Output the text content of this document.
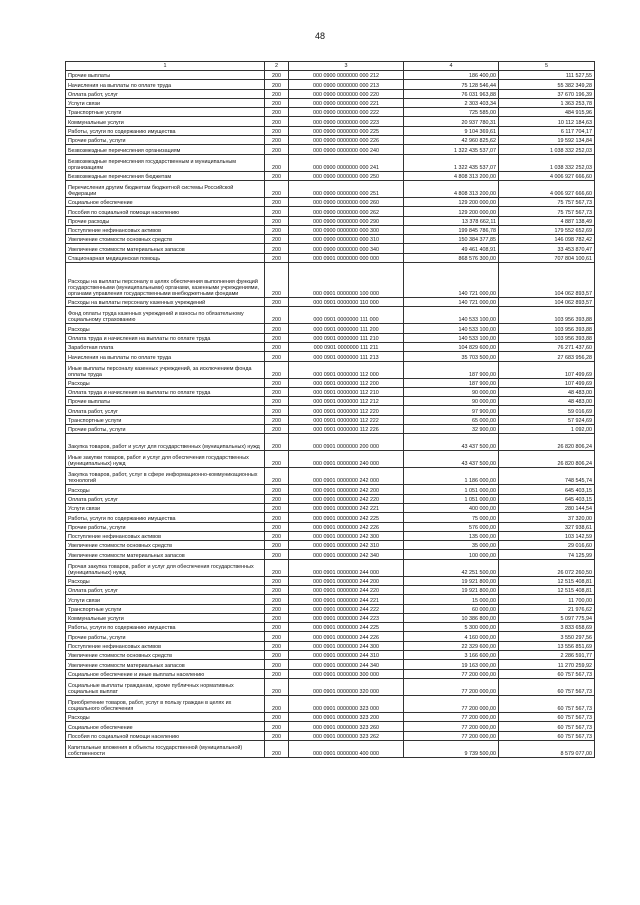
48
1	2	3	4	5
Прочие выплаты	200	000 0900 0000000 000 212	186 400,00	111 527,55
Начисления на выплаты по оплате труда	200	000 0900 0000000 000 213	75 128 546,44	55 382 349,28
Оплата работ, услуг	200	000 0900 0000000 000 220	76 031 963,88	37 670 196,39
Услуги связи	200	000 0900 0000000 000 221	2 303 403,34	1 363 253,78
Транспортные услуги	200	000 0900 0000000 000 222	725 585,00	484 915,96
Коммунальные услуги	200	000 0900 0000000 000 223	20 937 780,31	10 112 184,63
Работы, услуги по содержанию имущества	200	000 0900 0000000 000 225	9 104 369,61	6 117 704,17
Прочие работы, услуги	200	000 0900 0000000 000 226	42 960 825,62	19 592 134,84
Безвозмездные перечисления организациям	200	000 0900 0000000 000 240	1 322 435 537,07	1 038 332 252,03
Безвозмездные перечисления государственным и муниципальным организациям	200	000 0900 0000000 000 241	1 322 435 537,07	1 038 332 252,03
Безвозмездные перечисления бюджетам	200	000 0900 0000000 000 250	4 808 313 200,00	4 006 927 666,60
Перечисления другим бюджетам бюджетной системы Российской Федерации	200	000 0900 0000000 000 251	4 808 313 200,00	4 006 927 666,60
Социальное обеспечение	200	000 0900 0000000 000 260	129 200 000,00	75 757 567,73
Пособия по социальной помощи населению	200	000 0900 0000000 000 262	129 200 000,00	75 757 567,73
Прочие расходы	200	000 0900 0000000 000 290	13 378 662,11	4 887 138,49
Поступление нефинансовых активов	200	000 0900 0000000 000 300	199 845 786,78	179 552 652,69
Увеличение стоимости основных средств	200	000 0900 0000000 000 310	150 384 377,85	146 098 782,42
Увеличение стоимости материальных запасов	200	000 0900 0000000 000 340	49 461 408,91	33 453 870,47
Стационарная медицинская помощь	200	000 0901 0000000 000 000	868 576 300,00	707 804 100,61
Расходы на выплаты персоналу в целях обеспечения выполнения функций государственными (муниципальными) органами, казенными учреждениями, органами управления государственными внебюджетными фондами	200	000 0901 0000000 100 000	140 721 000,00	104 062 893,57
Расходы на выплаты персоналу казенных учреждений	200	000 0901 0000000 110 000	140 721 000,00	104 062 893,57
Фонд оплаты труда казенных учреждений и взносы по обязательному социальному страхованию	200	000 0901 0000000 111 000	140 533 100,00	103 956 393,88
Расходы	200	000 0901 0000000 111 200	140 533 100,00	103 956 393,88
Оплата труда и начисления на выплаты по оплате труда	200	000 0901 0000000 111 210	140 533 100,00	103 956 393,88
Заработная плата	200	000 0901 0000000 111 211	104 829 600,00	76 271 437,60
Начисления на выплаты по оплате труда	200	000 0901 0000000 111 213	35 703 500,00	27 683 956,28
Иные выплаты персоналу казенных учреждений, за исключением фонда оплаты труда	200	000 0901 0000000 112 000	187 900,00	107 499,69
Расходы	200	000 0901 0000000 112 200	187 900,00	107 499,69
Оплата труда и начисления на выплаты по оплате труда	200	000 0901 0000000 112 210	90 000,00	48 483,00
Прочие выплаты	200	000 0901 0000000 112 212	90 000,00	48 483,00
Оплата работ, услуг	200	000 0901 0000000 112 220	97 900,00	59 016,69
Транспортные услуги	200	000 0901 0000000 112 222	65 000,00	57 924,69
Прочие работы, услуги	200	000 0901 0000000 112 226	32 900,00	1 092,00
Закупка товаров, работ и услуг для государственных (муниципальных) нужд	200	000 0901 0000000 200 000	43 437 500,00	26 820 806,24
Иные закупки товаров, работ и услуг для обеспечения государственных (муниципальных) нужд	200	000 0901 0000000 240 000	43 437 500,00	26 820 806,24
Закупка товаров, работ, услуг в сфере информационно-коммуникационных технологий	200	000 0901 0000000 242 000	1 186 000,00	748 545,74
Расходы	200	000 0901 0000000 242 200	1 051 000,00	645 403,15
Оплата работ, услуг	200	000 0901 0000000 242 220	1 051 000,00	645 403,15
Услуги связи	200	000 0901 0000000 242 221	400 000,00	280 144,54
Работы, услуги по содержанию имущества	200	000 0901 0000000 242 225	75 000,00	37 320,00
Прочие работы, услуги	200	000 0901 0000000 242 226	576 000,00	327 938,61
Поступление нефинансовых активов	200	000 0901 0000000 242 300	135 000,00	103 142,59
Увеличение стоимости основных средств	200	000 0901 0000000 242 310	35 000,00	29 016,60
Увеличение стоимости материальных запасов	200	000 0901 0000000 242 340	100 000,00	74 125,99
Прочая закупка товаров, работ и услуг для обеспечения государственных (муниципальных) нужд	200	000 0901 0000000 244 000	42 251 500,00	26 072 260,50
Расходы	200	000 0901 0000000 244 200	19 921 800,00	12 515 408,81
Оплата работ, услуг	200	000 0901 0000000 244 220	19 921 800,00	12 515 408,81
Услуги связи	200	000 0901 0000000 244 221	15 000,00	11 700,00
Транспортные услуги	200	000 0901 0000000 244 222	60 000,00	21 976,62
Коммунальные услуги	200	000 0901 0000000 244 223	10 386 800,00	5 097 775,94
Работы, услуги по содержанию имущества	200	000 0901 0000000 244 225	5 300 000,00	3 833 658,69
Прочие работы, услуги	200	000 0901 0000000 244 226	4 160 000,00	3 550 297,56
Поступление нефинансовых активов	200	000 0901 0000000 244 300	22 329 600,00	13 556 851,69
Увеличение стоимости основных средств	200	000 0901 0000000 244 310	3 166 600,00	2 286 591,77
Увеличение стоимости материальных запасов	200	000 0901 0000000 244 340	19 163 000,00	11 270 259,92
Социальное обеспечение и иные выплаты населению	200	000 0901 0000000 300 000	77 200 000,00	60 757 567,73
Социальные выплаты гражданам, кроме публичных нормативных социальных выплат	200	000 0901 0000000 320 000	77 200 000,00	60 757 567,73
Приобретение товаров, работ, услуг в пользу граждан в целях их социального обеспечения	200	000 0901 0000000 323 000	77 200 000,00	60 757 567,73
Расходы	200	000 0901 0000000 323 200	77 200 000,00	60 757 567,73
Социальное обеспечение	200	000 0901 0000000 323 260	77 200 000,00	60 757 567,73
Пособия по социальной помощи населению	200	000 0901 0000000 323 262	77 200 000,00	60 757 567,73
Капитальные вложения в объекты государственной (муниципальной) собственности	200	000 0901 0000000 400 000	9 739 500,00	8 579 077,00
